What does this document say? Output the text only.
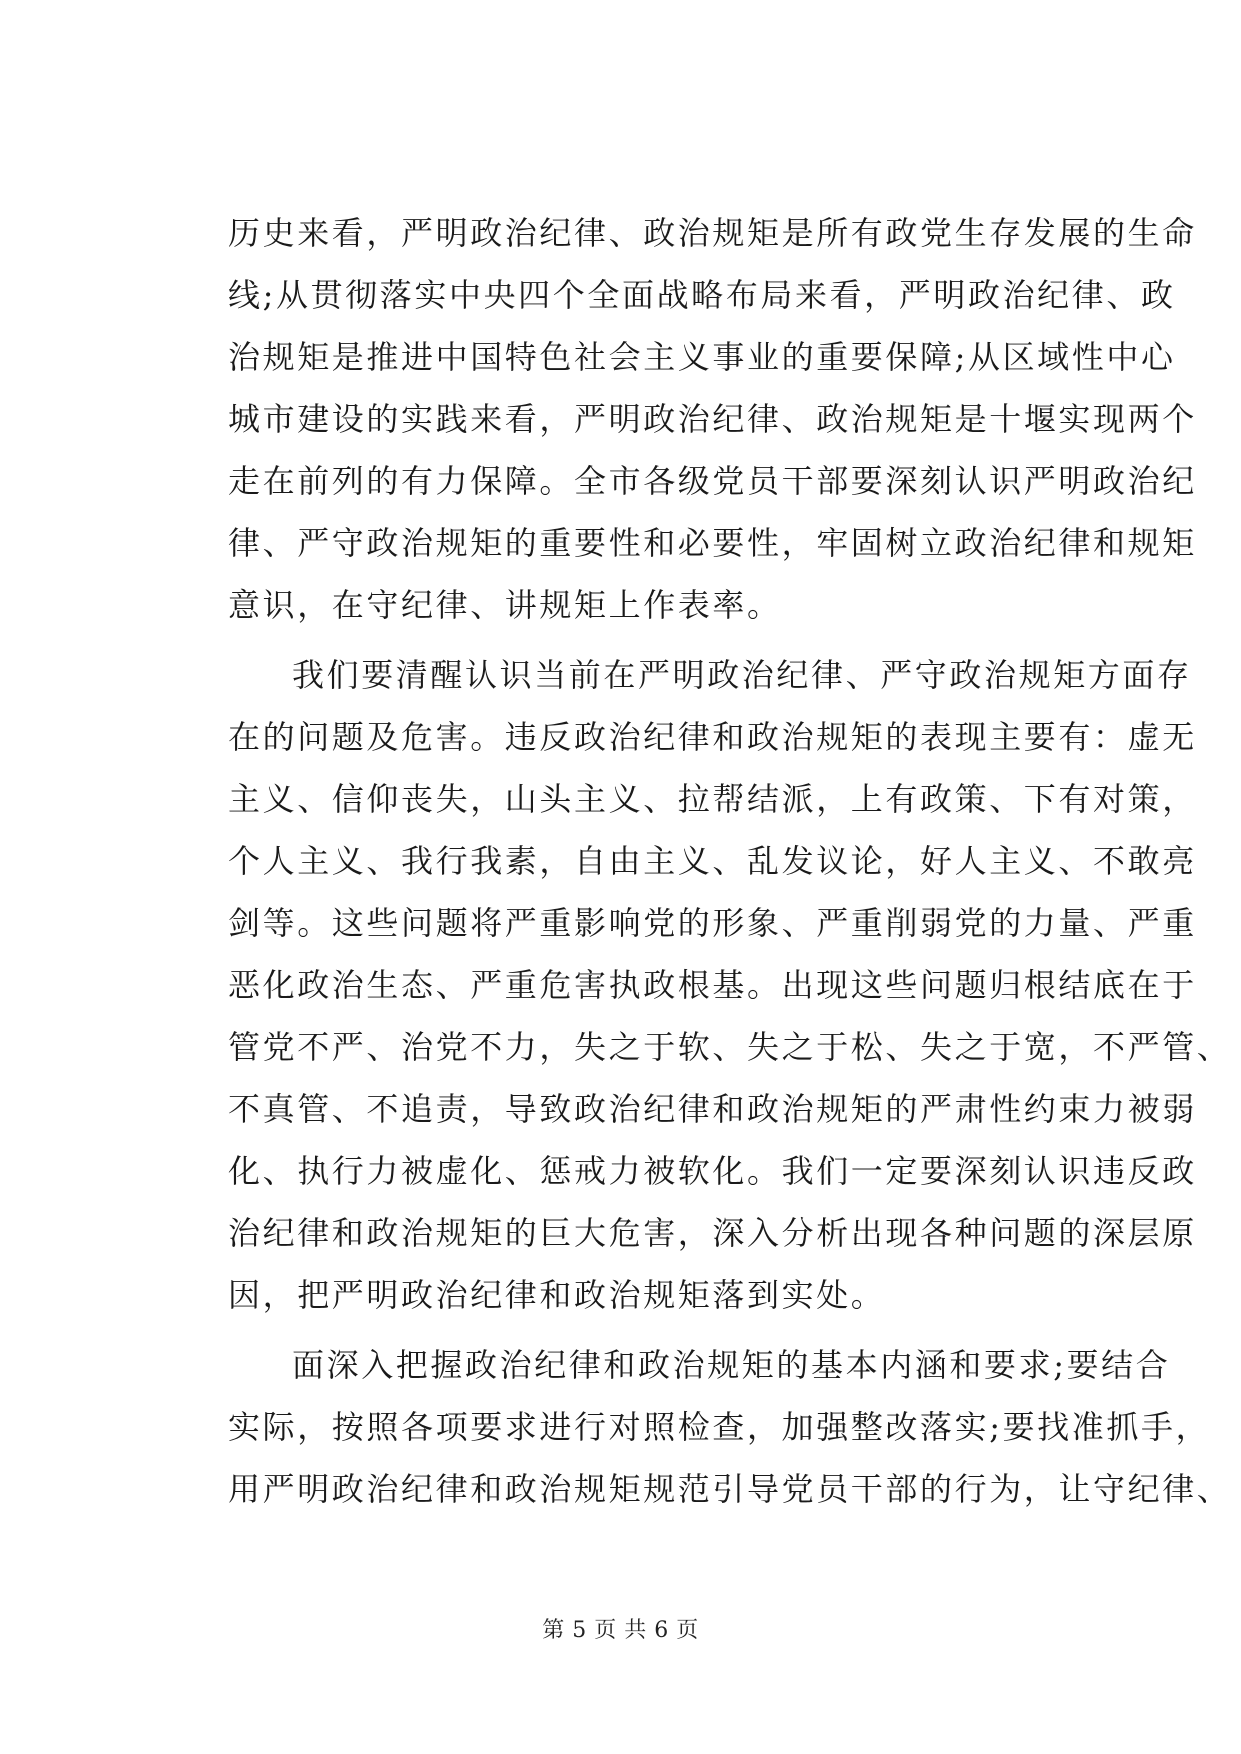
历史来看，严明政治纪律、政治规矩是所有政党生存发展的生命
线;从贯彻落实中央四个全面战略布局来看，严明政治纪律、政
治规矩是推进中国特色社会主义事业的重要保障;从区域性中心
城市建设的实践来看，严明政治纪律、政治规矩是十堰实现两个
走在前列的有力保障。全市各级党员干部要深刻认识严明政治纪
律、严守政治规矩的重要性和必要性，牢固树立政治纪律和规矩
意识，在守纪律、讲规矩上作表率。
我们要清醒认识当前在严明政治纪律、严守政治规矩方面存
在的问题及危害。违反政治纪律和政治规矩的表现主要有：虚无
主义、信仰丧失，山头主义、拉帮结派，上有政策、下有对策，
个人主义、我行我素，自由主义、乱发议论，好人主义、不敢亮
剑等。这些问题将严重影响党的形象、严重削弱党的力量、严重
恶化政治生态、严重危害执政根基。出现这些问题归根结底在于
管党不严、治党不力，失之于软、失之于松、失之于宽，不严管、
不真管、不追责，导致政治纪律和政治规矩的严肃性约束力被弱
化、执行力被虚化、惩戒力被软化。我们一定要深刻认识违反政
治纪律和政治规矩的巨大危害，深入分析出现各种问题的深层原
因，把严明政治纪律和政治规矩落到实处。
面深入把握政治纪律和政治规矩的基本内涵和要求;要结合
实际，按照各项要求进行对照检查，加强整改落实;要找准抓手，
用严明政治纪律和政治规矩规范引导党员干部的行为，让守纪律、
第 5 页 共 6 页
